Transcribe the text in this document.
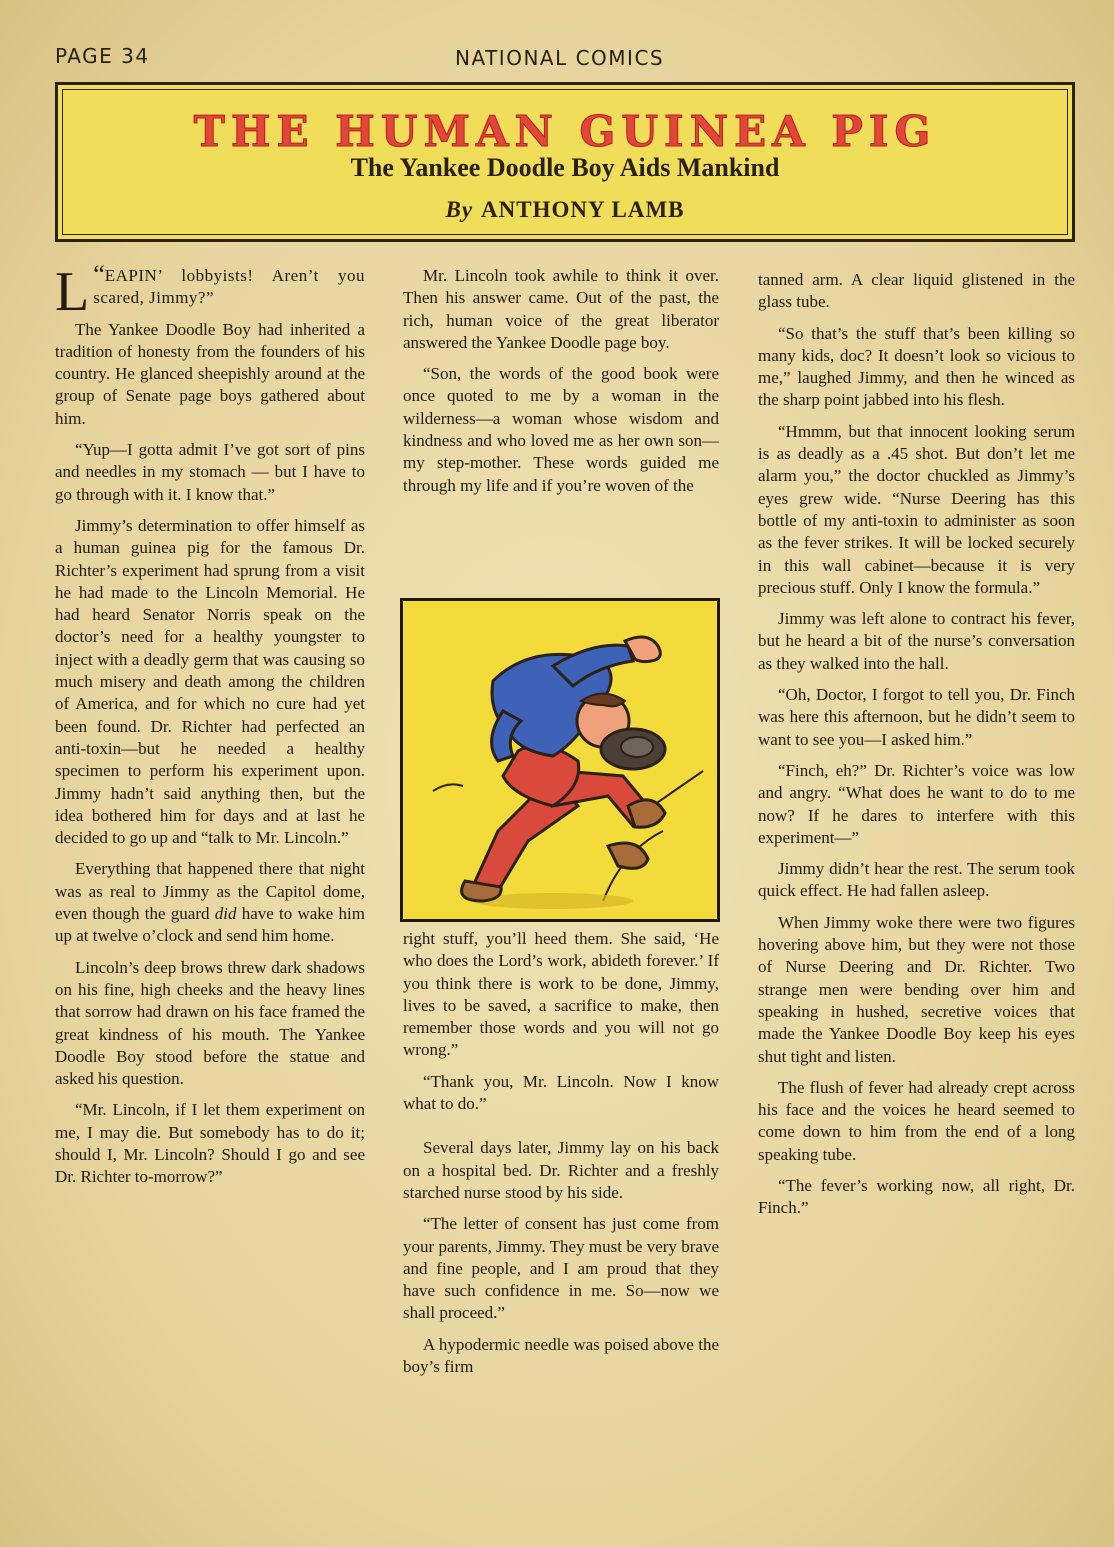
PAGE 34	NATIONAL COMICS
THE HUMAN GUINEA PIG
The Yankee Doodle Boy Aids Mankind
By ANTHONY LAMB

“
L EAPIN’ lobbyists! Aren’t you scared, Jimmy?”

The Yankee Doodle Boy had inherited a tradition of honesty from the founders of his country. He glanced sheepishly around at the group of Senate page boys gathered about him.

“Yup—I gotta admit I’ve got sort of pins and needles in my stomach — but I have to go through with it. I know that.”

Jimmy’s determination to offer himself as a human guinea pig for the famous Dr. Richter’s experiment had sprung from a visit he had made to the Lincoln Memorial. He had heard Senator Norris speak on the doctor’s need for a healthy youngster to inject with a deadly germ that was causing so much misery and death among the children of America, and for which no cure had yet been found. Dr. Richter had perfected an anti-toxin—but he needed a healthy specimen to perform his experiment upon. Jimmy hadn’t said anything then, but the idea bothered him for days and at last he decided to go up and “talk to Mr. Lincoln.”

Everything that happened there that night was as real to Jimmy as the Capitol dome, even though the guard did have to wake him up at twelve o’clock and send him home.

Lincoln’s deep brows threw dark shadows on his fine, high cheeks and the heavy lines that sorrow had drawn on his face framed the great kindness of his mouth. The Yankee Doodle Boy stood before the statue and asked his question.

“Mr. Lincoln, if I let them experiment on me, I may die. But somebody has to do it; should I, Mr. Lincoln? Should I go and see Dr. Richter to-morrow?”

Mr. Lincoln took awhile to think it over. Then his answer came. Out of the past, the rich, human voice of the great liberator answered the Yankee Doodle page boy.

“Son, the words of the good book were once quoted to me by a woman in the wilderness—a woman whose wisdom and kindness and who loved me as her own son—my step-mother. These words guided me through my life and if you’re woven of the

right stuff, you’ll heed them. She said, ‘He who does the Lord’s work, abideth forever.’ If you think there is work to be done, Jimmy, lives to be saved, a sacrifice to make, then remember those words and you will not go wrong.”

“Thank you, Mr. Lincoln. Now I know what to do.”

Several days later, Jimmy lay on his back on a hospital bed. Dr. Richter and a freshly starched nurse stood by his side.

“The letter of consent has just come from your parents, Jimmy. They must be very brave and fine people, and I am proud that they have such confidence in me. So—now we shall proceed.”

A hypodermic needle was poised above the boy’s firm

tanned arm. A clear liquid glistened in the glass tube.

“So that’s the stuff that’s been killing so many kids, doc? It doesn’t look so vicious to me,” laughed Jimmy, and then he winced as the sharp point jabbed into his flesh.

“Hmmm, but that innocent looking serum is as deadly as a .45 shot. But don’t let me alarm you,” the doctor chuckled as Jimmy’s eyes grew wide. “Nurse Deering has this bottle of my anti-toxin to administer as soon as the fever strikes. It will be locked securely in this wall cabinet—because it is very precious stuff. Only I know the formula.”

Jimmy was left alone to contract his fever, but he heard a bit of the nurse’s conversation as they walked into the hall.

“Oh, Doctor, I forgot to tell you, Dr. Finch was here this afternoon, but he didn’t seem to want to see you—I asked him.”

“Finch, eh?” Dr. Richter’s voice was low and angry. “What does he want to do to me now? If he dares to interfere with this experiment—”

Jimmy didn’t hear the rest. The serum took quick effect. He had fallen asleep.

When Jimmy woke there were two figures hovering above him, but they were not those of Nurse Deering and Dr. Richter. Two strange men were bending over him and speaking in hushed, secretive voices that made the Yankee Doodle Boy keep his eyes shut tight and listen.

The flush of fever had already crept across his face and the voices he heard seemed to come down to him from the end of a long speaking tube.

“The fever’s working now, all right, Dr. Finch.”
